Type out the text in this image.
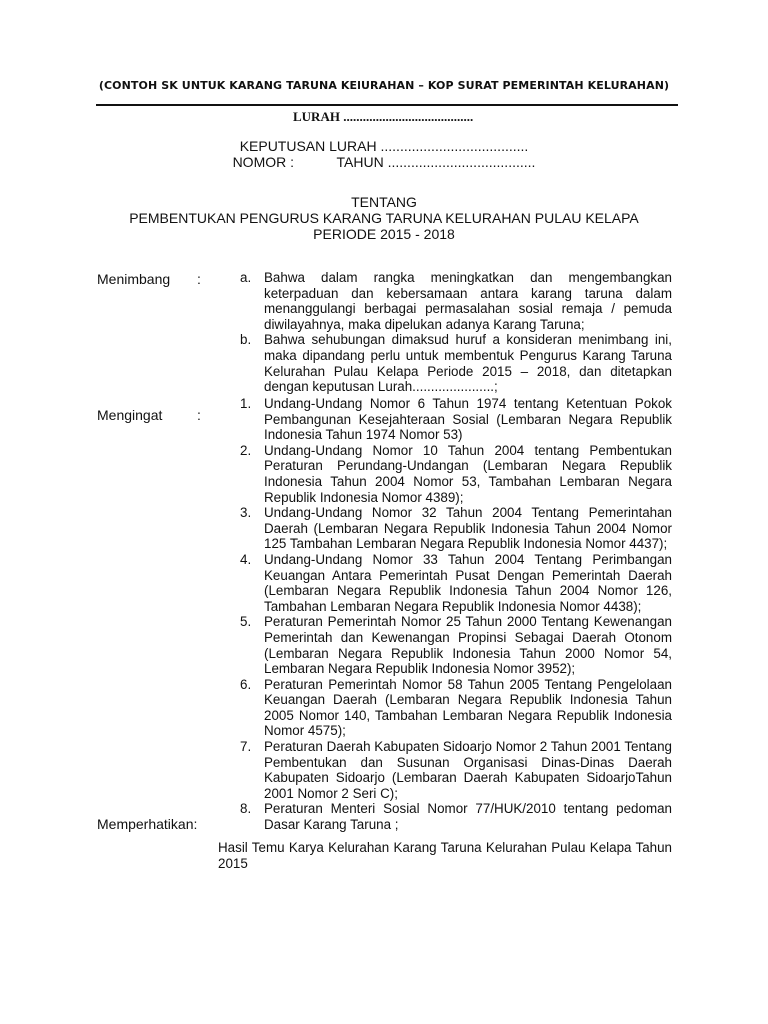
(CONTOH SK UNTUK KARANG TARUNA KElURAHAN – KOP SURAT PEMERINTAH KELURAHAN)
LURAH ........................................
KEPUTUSAN LURAH ......................................
NOMOR :           TAHUN ......................................
TENTANG
PEMBENTUKAN PENGURUS KARANG TARUNA KELURAHAN PULAU KELAPA
PERIODE 2015 - 2018
Menimbang :	a. Bahwa dalam rangka meningkatkan dan mengembangkan keterpaduan dan kebersamaan antara karang taruna dalam menanggulangi berbagai permasalahan sosial remaja / pemuda diwilayahnya, maka dipelukan adanya Karang Taruna;
b. Bahwa sehubungan dimaksud huruf a konsideran menimbang ini, maka dipandang perlu untuk membentuk Pengurus Karang Taruna Kelurahan Pulau Kelapa Periode 2015 – 2018, dan ditetapkan dengan keputusan Lurah......................;
Mengingat :
1. Undang-Undang Nomor 6 Tahun 1974 tentang Ketentuan Pokok Pembangunan Kesejahteraan Sosial (Lembaran Negara Republik Indonesia Tahun 1974 Nomor 53)
2. Undang-Undang Nomor 10 Tahun 2004 tentang Pembentukan Peraturan Perundang-Undangan (Lembaran Negara Republik Indonesia Tahun 2004 Nomor 53, Tambahan Lembaran Negara Republik Indonesia Nomor 4389);
3. Undang-Undang Nomor 32 Tahun 2004 Tentang Pemerintahan Daerah (Lembaran Negara Republik Indonesia Tahun 2004 Nomor 125 Tambahan Lembaran Negara Republik Indonesia Nomor 4437);
4. Undang-Undang Nomor 33 Tahun 2004 Tentang Perimbangan Keuangan Antara Pemerintah Pusat Dengan Pemerintah Daerah (Lembaran Negara Republik Indonesia Tahun 2004 Nomor 126, Tambahan Lembaran Negara Republik Indonesia Nomor 4438);
5. Peraturan Pemerintah Nomor 25 Tahun 2000 Tentang Kewenangan Pemerintah dan Kewenangan Propinsi Sebagai Daerah Otonom (Lembaran Negara Republik Indonesia Tahun 2000 Nomor 54, Lembaran Negara Republik Indonesia Nomor 3952);
6. Peraturan Pemerintah Nomor 58 Tahun 2005 Tentang Pengelolaan Keuangan Daerah (Lembaran Negara Republik Indonesia Tahun 2005 Nomor 140, Tambahan Lembaran Negara Republik Indonesia Nomor 4575);
7. Peraturan Daerah Kabupaten Sidoarjo Nomor 2 Tahun 2001 Tentang Pembentukan dan Susunan Organisasi Dinas-Dinas Daerah Kabupaten Sidoarjo (Lembaran Daerah Kabupaten SidoarjoTahun 2001 Nomor 2 Seri C);
8. Peraturan Menteri Sosial Nomor 77/HUK/2010 tentang pedoman Dasar Karang Taruna ;
Memperhatikan:
Hasil Temu Karya Kelurahan Karang Taruna Kelurahan Pulau Kelapa Tahun 2015
